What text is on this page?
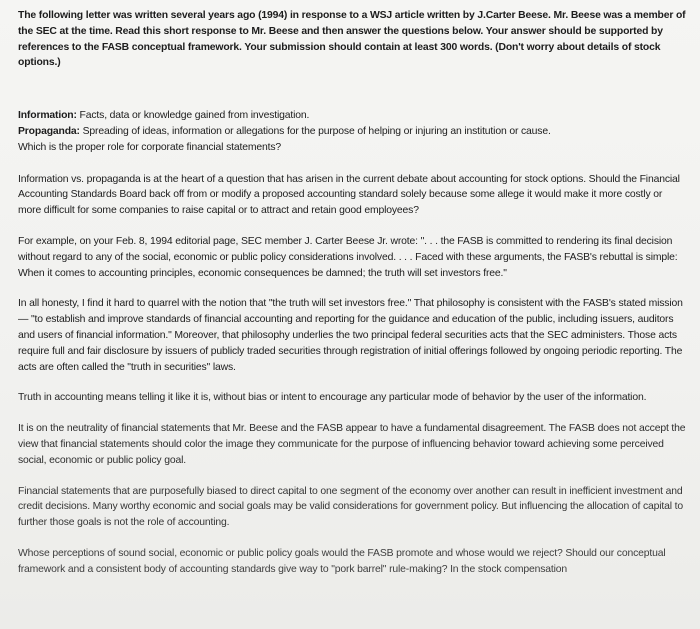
The following letter was written several years ago (1994) in response to a WSJ article written by J.Carter Beese. Mr. Beese was a member of the SEC at the time. Read this short response to Mr. Beese and then answer the questions below. Your answer should be supported by references to the FASB conceptual framework. Your submission should contain at least 300 words. (Don't worry about details of stock options.)

Information: Facts, data or knowledge gained from investigation.
Propaganda: Spreading of ideas, information or allegations for the purpose of helping or injuring an institution or cause.
Which is the proper role for corporate financial statements?

Information vs. propaganda is at the heart of a question that has arisen in the current debate about accounting for stock options. Should the Financial Accounting Standards Board back off from or modify a proposed accounting standard solely because some allege it would make it more costly or more difficult for some companies to raise capital or to attract and retain good employees?

For example, on your Feb. 8, 1994 editorial page, SEC member J. Carter Beese Jr. wrote: ". . . the FASB is committed to rendering its final decision without regard to any of the social, economic or public policy considerations involved. . . . Faced with these arguments, the FASB's rebuttal is simple: When it comes to accounting principles, economic consequences be damned; the truth will set investors free."

In all honesty, I find it hard to quarrel with the notion that "the truth will set investors free." That philosophy is consistent with the FASB's stated mission— "to establish and improve standards of financial accounting and reporting for the guidance and education of the public, including issuers, auditors and users of financial information." Moreover, that philosophy underlies the two principal federal securities acts that the SEC administers. Those acts require full and fair disclosure by issuers of publicly traded securities through registration of initial offerings followed by ongoing periodic reporting. The acts are often called the "truth in securities" laws.

Truth in accounting means telling it like it is, without bias or intent to encourage any particular mode of behavior by the user of the information.

It is on the neutrality of financial statements that Mr. Beese and the FASB appear to have a fundamental disagreement. The FASB does not accept the view that financial statements should color the image they communicate for the purpose of influencing behavior toward achieving some perceived social, economic or public policy goal.

Financial statements that are purposefully biased to direct capital to one segment of the economy over another can result in inefficient investment and credit decisions. Many worthy economic and social goals may be valid considerations for government policy. But influencing the allocation of capital to further those goals is not the role of accounting.

Whose perceptions of sound social, economic or public policy goals would the FASB promote and whose would we reject? Should our conceptual framework and a consistent body of accounting standards give way to "pork barrel" rule-making? In the stock compensation
